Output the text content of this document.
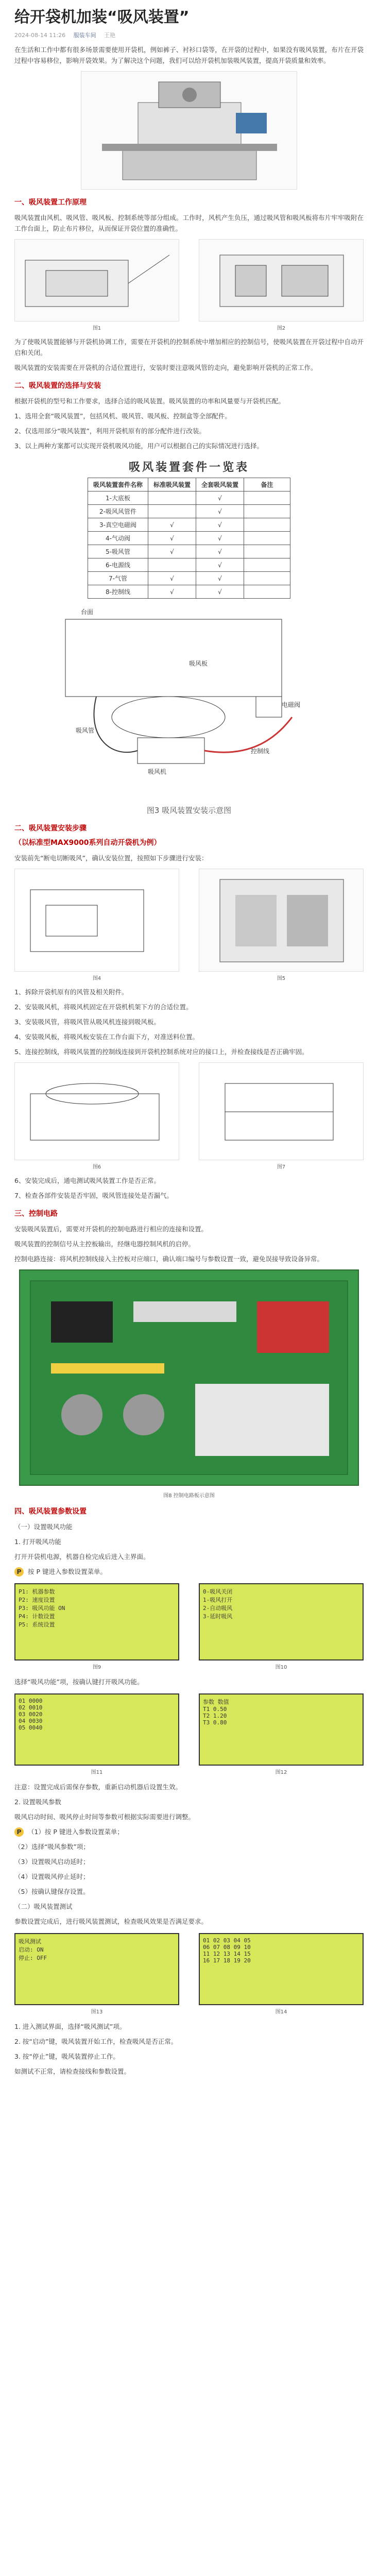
给开袋机加装“吸风装置”
2024-08-14 11:26 服装车间 王艳
在生活和工作中都有很多场景需要使用开袋机，例如裤子、衬衫口袋等，在开袋的过程中，如果没有吸风装置，布片在开袋过程中容易移位，影响开袋效果。为了解决这个问题，我们可以给开袋机加装吸风装置，提高开袋质量和效率。
一、吸风装置工作原理
吸风装置由风机、吸风管、吸风板、控制系统等部分组成。工作时，风机产生负压，通过吸风管和吸风板将布片牢牢吸附在工作台面上，防止布片移位，从而保证开袋位置的准确性。
图1	图2
为了使吸风装置能够与开袋机协调工作，需要在开袋机的控制系统中增加相应的控制信号，使吸风装置在开袋过程中自动开启和关闭。
吸风装置的安装需要在开袋机的合适位置进行，安装时要注意吸风管的走向，避免影响开袋机的正常工作。
二、吸风装置的选择与安装
根据开袋机的型号和工作要求，选择合适的吸风装置。吸风装置的功率和风量要与开袋机匹配。
1、选用全套“吸风装置”，包括风机、吸风管、吸风板、控制盒等全部配件。
2、仅选用部分“吸风装置”，利用开袋机原有的部分配件进行改装。
3、以上两种方案都可以实现开袋机吸风功能，用户可以根据自己的实际情况进行选择。
吸风装置套件一览表
吸风装置套件名称	标准吸风装置	全套吸风装置	备注
1-大底板		√	
2-吸风风管件		√	
3-真空电磁阀	√	√	
4-气动阀	√	√	
5-吸风管	√	√	
6-电源线		√	
7-气管	√	√	
8-控制线	√	√	
台面
吸风机
吸风管
电磁阀
控制线
吸风板
图3 吸风装置安装示意图
二、吸风装置安装步骤
（以标准型MAX9000系列自动开袋机为例）
安装前先“断电切断吸风”，确认安装位置，按照如下步骤进行安装：
图4	图5
1、拆除开袋机原有的风管及相关附件。
2、安装吸风机，将吸风机固定在开袋机机架下方的合适位置。
3、安装吸风管，将吸风管从吸风机连接到吸风板。
4、安装吸风板，将吸风板安装在工作台面下方，对准送料位置。
5、连接控制线，将吸风装置的控制线连接到开袋机控制系统对应的接口上，并检查接线是否正确牢固。
图6	图7
6、安装完成后，通电测试吸风装置工作是否正常。
7、检查各部件安装是否牢固，吸风管连接处是否漏气。
三、控制电路
安装吸风装置后，需要对开袋机的控制电路进行相应的连接和设置。
吸风装置的控制信号从主控板输出，经继电器控制风机的启停。
控制电路连接：将风机控制线接入主控板对应端口，确认端口编号与参数设置一致，避免误接导致设备异常。
图8 控制电路板示意图
四、吸风装置参数设置
（一）设置吸风功能
1. 打开吸风功能
打开开袋机电源，机器自检完成后进入主界面。
P 按 P 键进入参数设置菜单。
P1: 机器参数
P2: 速度设置
P3: 吸风功能 ON
P4: 计数设置
P5: 系统设置
图9
0-吸风关闭
1-吸风打开
2-自动吸风
3-延时吸风
图10
选择“吸风功能”项，按确认键打开吸风功能。
01 0000
02 0010
03 0020
04 0030
05 0040
图11
参数 数值
T1 0.50
T2 1.20
T3 0.80
图12
注意：设置完成后需保存参数，重新启动机器后设置生效。
2. 设置吸风参数
吸风启动时间、吸风停止时间等参数可根据实际需要进行调整。
P （1）按 P 键进入参数设置菜单；
（2）选择“吸风参数”项；
（3）设置吸风启动延时；
（4）设置吸风停止延时；
（5）按确认键保存设置。
（二）吸风装置测试
参数设置完成后，进行吸风装置测试，检查吸风效果是否满足要求。
吸风测试
启动: ON
停止: OFF
图13
01 02 03 04 05
06 07 08 09 10
11 12 13 14 15
16 17 18 19 20
图14
1. 进入测试界面，选择“吸风测试”项。
2. 按“启动”键，吸风装置开始工作，检查吸风是否正常。
3. 按“停止”键，吸风装置停止工作。
如测试不正常，请检查接线和参数设置。
